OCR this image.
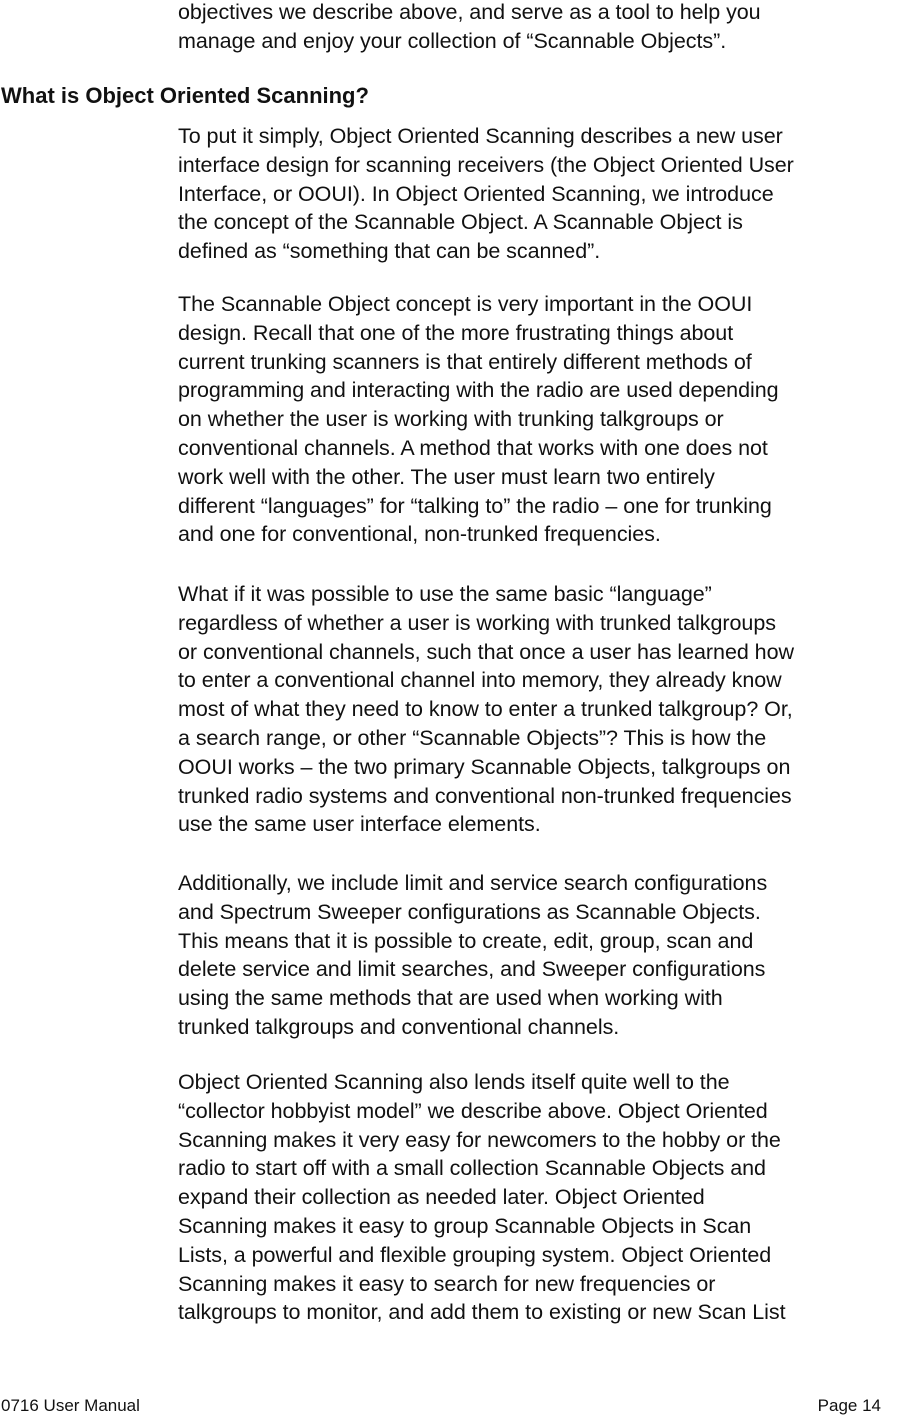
objectives we describe above, and serve as a tool to help you
manage and enjoy your collection of “Scannable Objects”.

What is Object Oriented Scanning?

To put it simply, Object Oriented Scanning describes a new user
interface design for scanning receivers (the Object Oriented User
Interface, or OOUI). In Object Oriented Scanning, we introduce
the concept of the Scannable Object. A Scannable Object is
defined as “something that can be scanned”.

The Scannable Object concept is very important in the OOUI
design. Recall that one of the more frustrating things about
current trunking scanners is that entirely different methods of
programming and interacting with the radio are used depending
on whether the user is working with trunking talkgroups or
conventional channels. A method that works with one does not
work well with the other. The user must learn two entirely
different “languages” for “talking to” the radio – one for trunking
and one for conventional, non-trunked frequencies.

What if it was possible to use the same basic “language”
regardless of whether a user is working with trunked talkgroups
or conventional channels, such that once a user has learned how
to enter a conventional channel into memory, they already know
most of what they need to know to enter a trunked talkgroup? Or,
a search range, or other “Scannable Objects”? This is how the
OOUI works – the two primary Scannable Objects, talkgroups on
trunked radio systems and conventional non-trunked frequencies
use the same user interface elements.

Additionally, we include limit and service search configurations
and Spectrum Sweeper configurations as Scannable Objects.
This means that it is possible to create, edit, group, scan and
delete service and limit searches, and Sweeper configurations
using the same methods that are used when working with
trunked talkgroups and conventional channels.

Object Oriented Scanning also lends itself quite well to the
“collector hobbyist model” we describe above. Object Oriented
Scanning makes it very easy for newcomers to the hobby or the
radio to start off with a small collection Scannable Objects and
expand their collection as needed later. Object Oriented
Scanning makes it easy to group Scannable Objects in Scan
Lists, a powerful and flexible grouping system. Object Oriented
Scanning makes it easy to search for new frequencies or
talkgroups to monitor, and add them to existing or new Scan List

0716 User Manual	Page 14
